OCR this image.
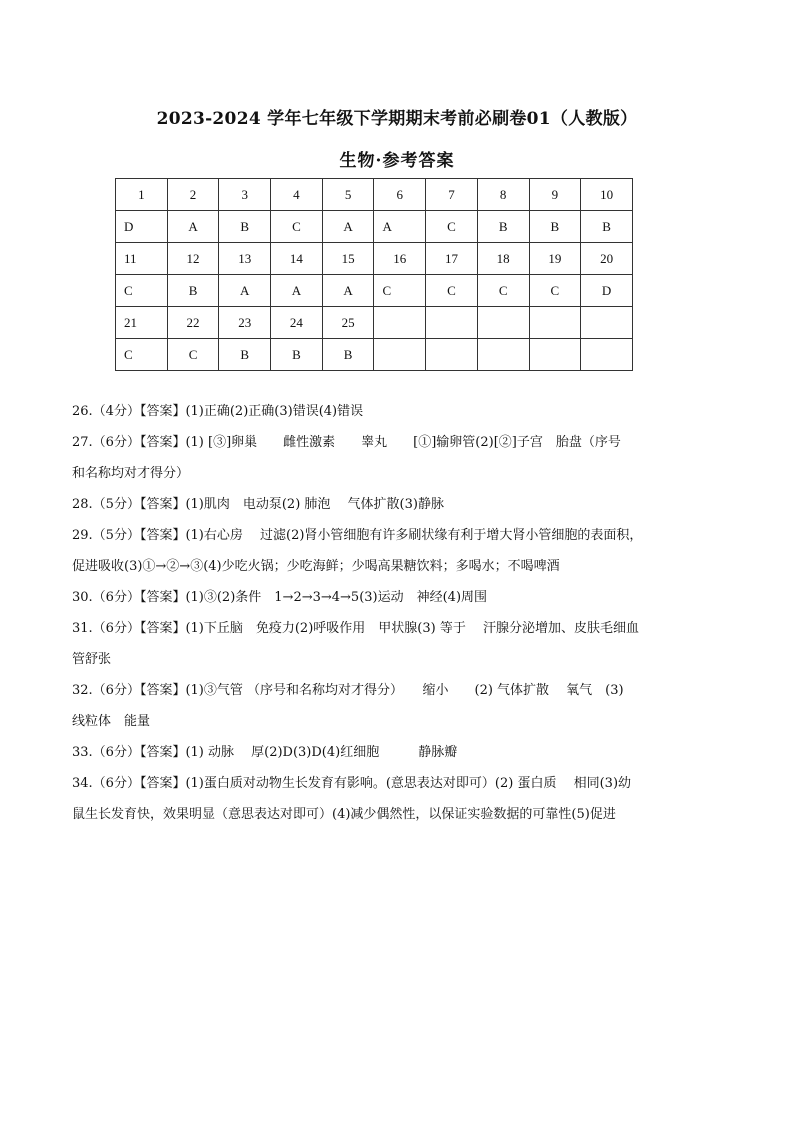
2023-2024 学年七年级下学期期末考前必刷卷01（人教版）
生物·参考答案
1	2	3	4	5	6	7	8	9	10
D	A	B	C	A	A	C	B	B	B
11	12	13	14	15	16	17	18	19	20
C	B	A	A	A	C	C	C	C	D
21	22	23	24	25					
C	C	B	B	B					

26.（4分）【答案】(1)正确(2)正确(3)错误(4)错误

27.（6分）【答案】(1) [③]卵巢　　雌性激素　　睾丸　　[①]输卵管(2)[②]子宫　胎盘（序号

和名称均对才得分）

28.（5分）【答案】(1)肌肉　电动泵(2) 肺泡　 气体扩散(3)静脉

29.（5分）【答案】(1)右心房　 过滤(2)肾小管细胞有许多刷状缘有利于增大肾小管细胞的表面积，

促进吸收(3)①→②→③(4)少吃火锅；少吃海鲜；少喝高果糖饮料；多喝水；不喝啤酒

30.（6分）【答案】(1)③(2)条件　1→2→3→4→5(3)运动　神经(4)周围

31.（6分）【答案】(1)下丘脑　免疫力(2)呼吸作用　甲状腺(3) 等于　 汗腺分泌增加、皮肤毛细血

管舒张

32.（6分）【答案】(1)③气管 （序号和名称均对才得分）　　缩小　　(2) 气体扩散　 氧气　(3)

线粒体　能量

33.（6分）【答案】(1) 动脉　 厚(2)D(3)D(4)红细胞　　　静脉瓣

34.（6分）【答案】(1)蛋白质对动物生长发育有影响。(意思表达对即可）(2) 蛋白质　 相同(3)幼

鼠生长发育快，效果明显（意思表达对即可）(4)减少偶然性，以保证实验数据的可靠性(5)促进
